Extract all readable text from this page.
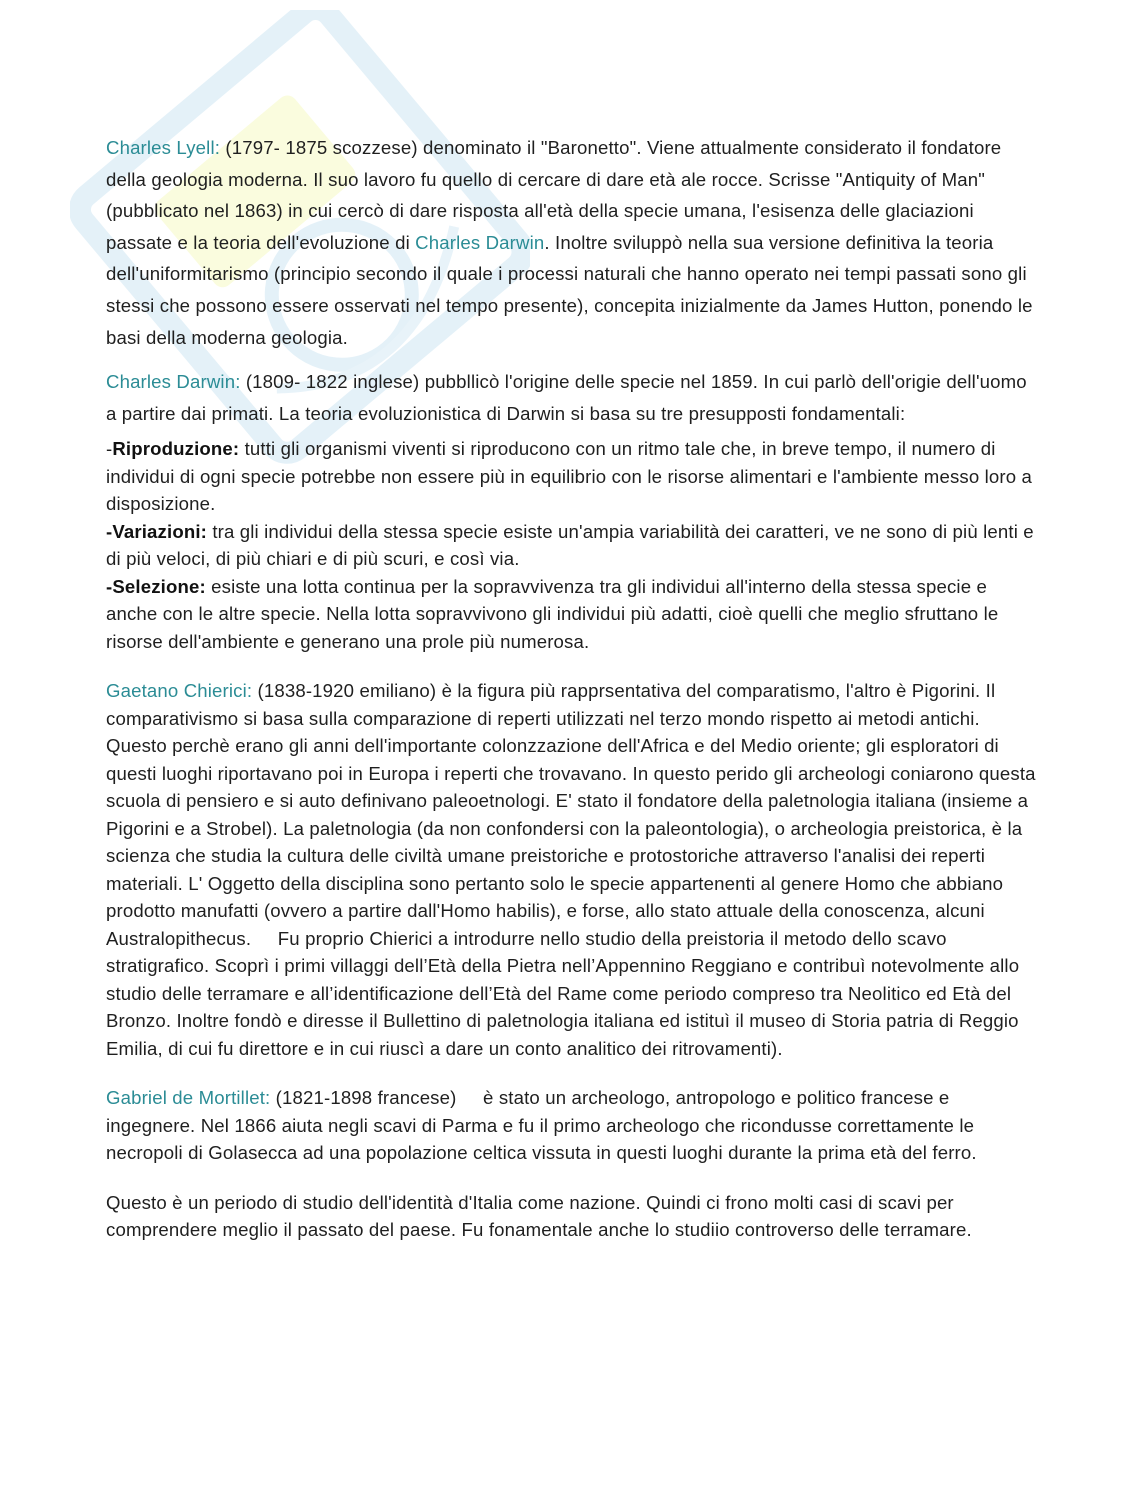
Charles Lyell: (1797- 1875 scozzese) denominato il "Baronetto". Viene attualmente considerato il fondatore della geologia moderna. Il suo lavoro fu quello di cercare di dare età ale rocce. Scrisse "Antiquity of Man" (pubblicato nel 1863) in cui cercò di dare risposta all'età della specie umana, l'esisenza delle glaciazioni passate e la teoria dell'evoluzione di Charles Darwin. Inoltre sviluppò nella sua versione definitiva la teoria dell'uniformitarismo (principio secondo il quale i processi naturali che hanno operato nei tempi passati sono gli stessi che possono essere osservati nel tempo presente), concepita inizialmente da James Hutton, ponendo le basi della moderna geologia.

Charles Darwin: (1809- 1822 inglese) pubbllicò l'origine delle specie nel 1859. In cui parlò dell'origie dell'uomo a partire dai primati. La teoria evoluzionistica di Darwin si basa su tre presupposti fondamentali:

-Riproduzione: tutti gli organismi viventi si riproducono con un ritmo tale che, in breve tempo, il numero di individui di ogni specie potrebbe non essere più in equilibrio con le risorse alimentari e l'ambiente messo loro a disposizione.

-Variazioni: tra gli individui della stessa specie esiste un'ampia variabilità dei caratteri, ve ne sono di più lenti e di più veloci, di più chiari e di più scuri, e così via.

-Selezione: esiste una lotta continua per la sopravvivenza tra gli individui all'interno della stessa specie e anche con le altre specie. Nella lotta sopravvivono gli individui più adatti, cioè quelli che meglio sfruttano le risorse dell'ambiente e generano una prole più numerosa.

Gaetano Chierici: (1838-1920 emiliano) è la figura più rapprsentativa del comparatismo, l'altro è Pigorini. Il comparativismo si basa sulla comparazione di reperti utilizzati nel terzo mondo rispetto ai metodi antichi. Questo perchè erano gli anni dell'importante colonzzazione dell'Africa e del Medio oriente; gli esploratori di questi luoghi riportavano poi in Europa i reperti che trovavano. In questo perido gli archeologi coniarono questa scuola di pensiero e si auto definivano paleoetnologi. E' stato il fondatore della paletnologia italiana (insieme a Pigorini e a Strobel). La paletnologia (da non confondersi con la paleontologia), o archeologia preistorica, è la scienza che studia la cultura delle civiltà umane preistoriche e protostoriche attraverso l'analisi dei reperti materiali. L' Oggetto della disciplina sono pertanto solo le specie appartenenti al genere Homo che abbiano prodotto manufatti (ovvero a partire dall'Homo habilis), e forse, allo stato attuale della conoscenza, alcuni Australopithecus.     Fu proprio Chierici a introdurre nello studio della preistoria il metodo dello scavo stratigrafico. Scoprì i primi villaggi dell’Età della Pietra nell’Appennino Reggiano e contribuì notevolmente allo studio delle terramare e all’identificazione dell’Età del Rame come periodo compreso tra Neolitico ed Età del Bronzo. Inoltre fondò e diresse il Bullettino di paletnologia italiana ed istituì il museo di Storia patria di Reggio Emilia, di cui fu direttore e in cui riuscì a dare un conto analitico dei ritrovamenti).

Gabriel de Mortillet: (1821-1898 francese)     è stato un archeologo, antropologo e politico francese e ingegnere. Nel 1866 aiuta negli scavi di Parma e fu il primo archeologo che ricondusse correttamente le necropoli di Golasecca ad una popolazione celtica vissuta in questi luoghi durante la prima età del ferro.

Questo è un periodo di studio dell'identità d'Italia come nazione. Quindi ci frono molti casi di scavi per comprendere meglio il passato del paese. Fu fonamentale anche lo studiio controverso delle terramare.
